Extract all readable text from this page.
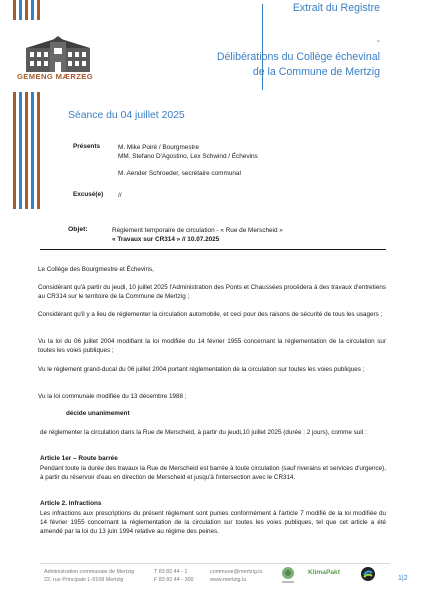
GEMENG MÆRZEG
Extrait du Registre
-
Délibérations du Collège échevinal
de la Commune de Mertzig
Séance du 04 juillet 2025
Présents	M. Mike Poiré / Bourgmestre
MM. Stefano D'Agostino, Lex Schwind / Échevins
M. Aender Schroeder, secrétaire communal
Excusé(e) //
Objet:	Règlement temporaire de circulation - « Rue de Merscheid »
« Travaux sur CR314 » // 10.07.2025
Le Collège des Bourgmestre et Échevins,
Considérant qu'à partir du jeudi, 10 juillet 2025 l'Administration des Ponts et Chaussées procédera à des travaux d'entretiens au CR314 sur le territoire de la Commune de Mertzig ;
Considérant qu'il y a lieu de réglementer la circulation automobile, et ceci pour des raisons de sécurité de tous les usagers ;
Vu la loi du 06 juillet 2004 modifiant la loi modifiée du 14 février 1955 concernant la réglementation de la circulation sur toutes les voies publiques ;
Vu le règlement grand-ducal du 06 juillet 2004 portant réglementation de la circulation sur toutes les voies publiques ;
Vu la loi communale modifiée du 13 décembre 1988 ;
décide unanimement
de réglementer la circulation dans la Rue de Merscheid, à partir du jeudi,10 juillet 2025 (durée : 2 jours), comme suit :
Article 1er – Route barrée
Pendant toute la durée des travaux la Rue de Merscheid est barrée à toute circulation (sauf riverains et services d'urgence), à partir du réservoir d'eau en direction de Merscheid et jusqu'à l'intersection avec le CR314.
Article 2. Infractions
Les infractions aux prescriptions du présent règlement sont punies conformément à l'article 7 modifié de la loi modifiée du 14 février 1955 concernant la réglementation de la circulation sur toutes les voies publiques, tel que cet article a été amendé par la loi du 13 juin 1994 relative au régime des peines.
Administration communale de Mertzig
22, rue Principale L-9168 Mertzig
T 83 82 44 - 1
F 83 82 44 - 300
commune@mertzig.lu
www.mertzig.lu
KlimaPakt
1|2
